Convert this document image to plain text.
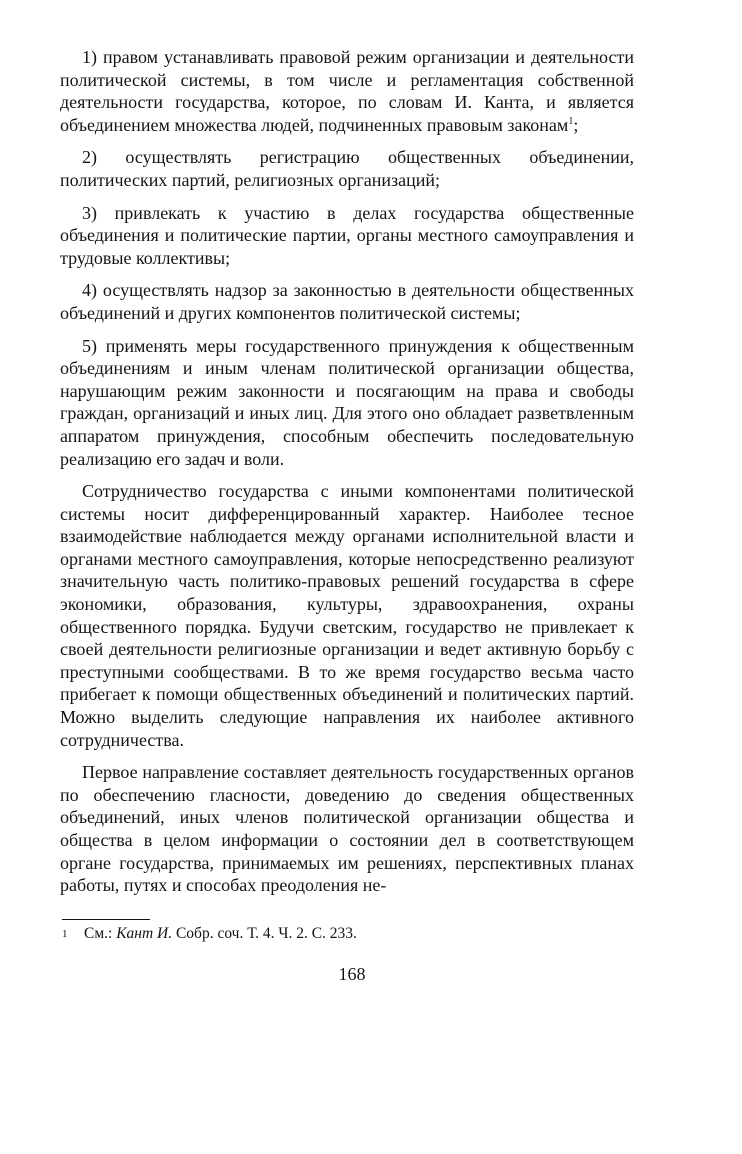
1) правом устанавливать правовой режим организации и деятельности политической системы, в том числе и регламентация собственной деятельности государства, которое, по словам И. Канта, и является объединением множества людей, подчиненных правовым законам$^1$;

2) осуществлять регистрацию общественных объединении, политических партий, религиозных организаций;

3) привлекать к участию в делах государства общественные объединения и политические партии, органы местного самоуправления и трудовые коллективы;

4) осуществлять надзор за законностью в деятельности общественных объединений и других компонентов политической системы;

5) применять меры государственного принуждения к общественным объединениям и иным членам политической организации общества, нарушающим режим законности и посягающим на права и свободы граждан, организаций и иных лиц. Для этого оно обладает разветвленным аппаратом принуждения, способным обеспечить последовательную реализацию его задач и воли.

Сотрудничество государства с иными компонентами политической системы носит дифференцированный характер. Наиболее тесное взаимодействие наблюдается между органами исполнительной власти и органами местного самоуправления, которые непосредственно реализуют значительную часть политико-правовых решений государства в сфере экономики, образования, культуры, здравоохранения, охраны общественного порядка. Будучи светским, государство не привлекает к своей деятельности религиозные организации и ведет активную борьбу с преступными сообществами. В то же время государство весьма часто прибегает к помощи общественных объединений и политических партий. Можно выделить следующие направления их наиболее активного сотрудничества.

Первое направление составляет деятельность государственных органов по обеспечению гласности, доведению до сведения общественных объединений, иных членов политической организации общества и общества в целом информации о состоянии дел в соответствующем органе государства, принимаемых им решениях, перспективных планах работы, путях и способах преодоления не-

1 См.: Кант И. Собр. соч. Т. 4. Ч. 2. С. 233.

168
